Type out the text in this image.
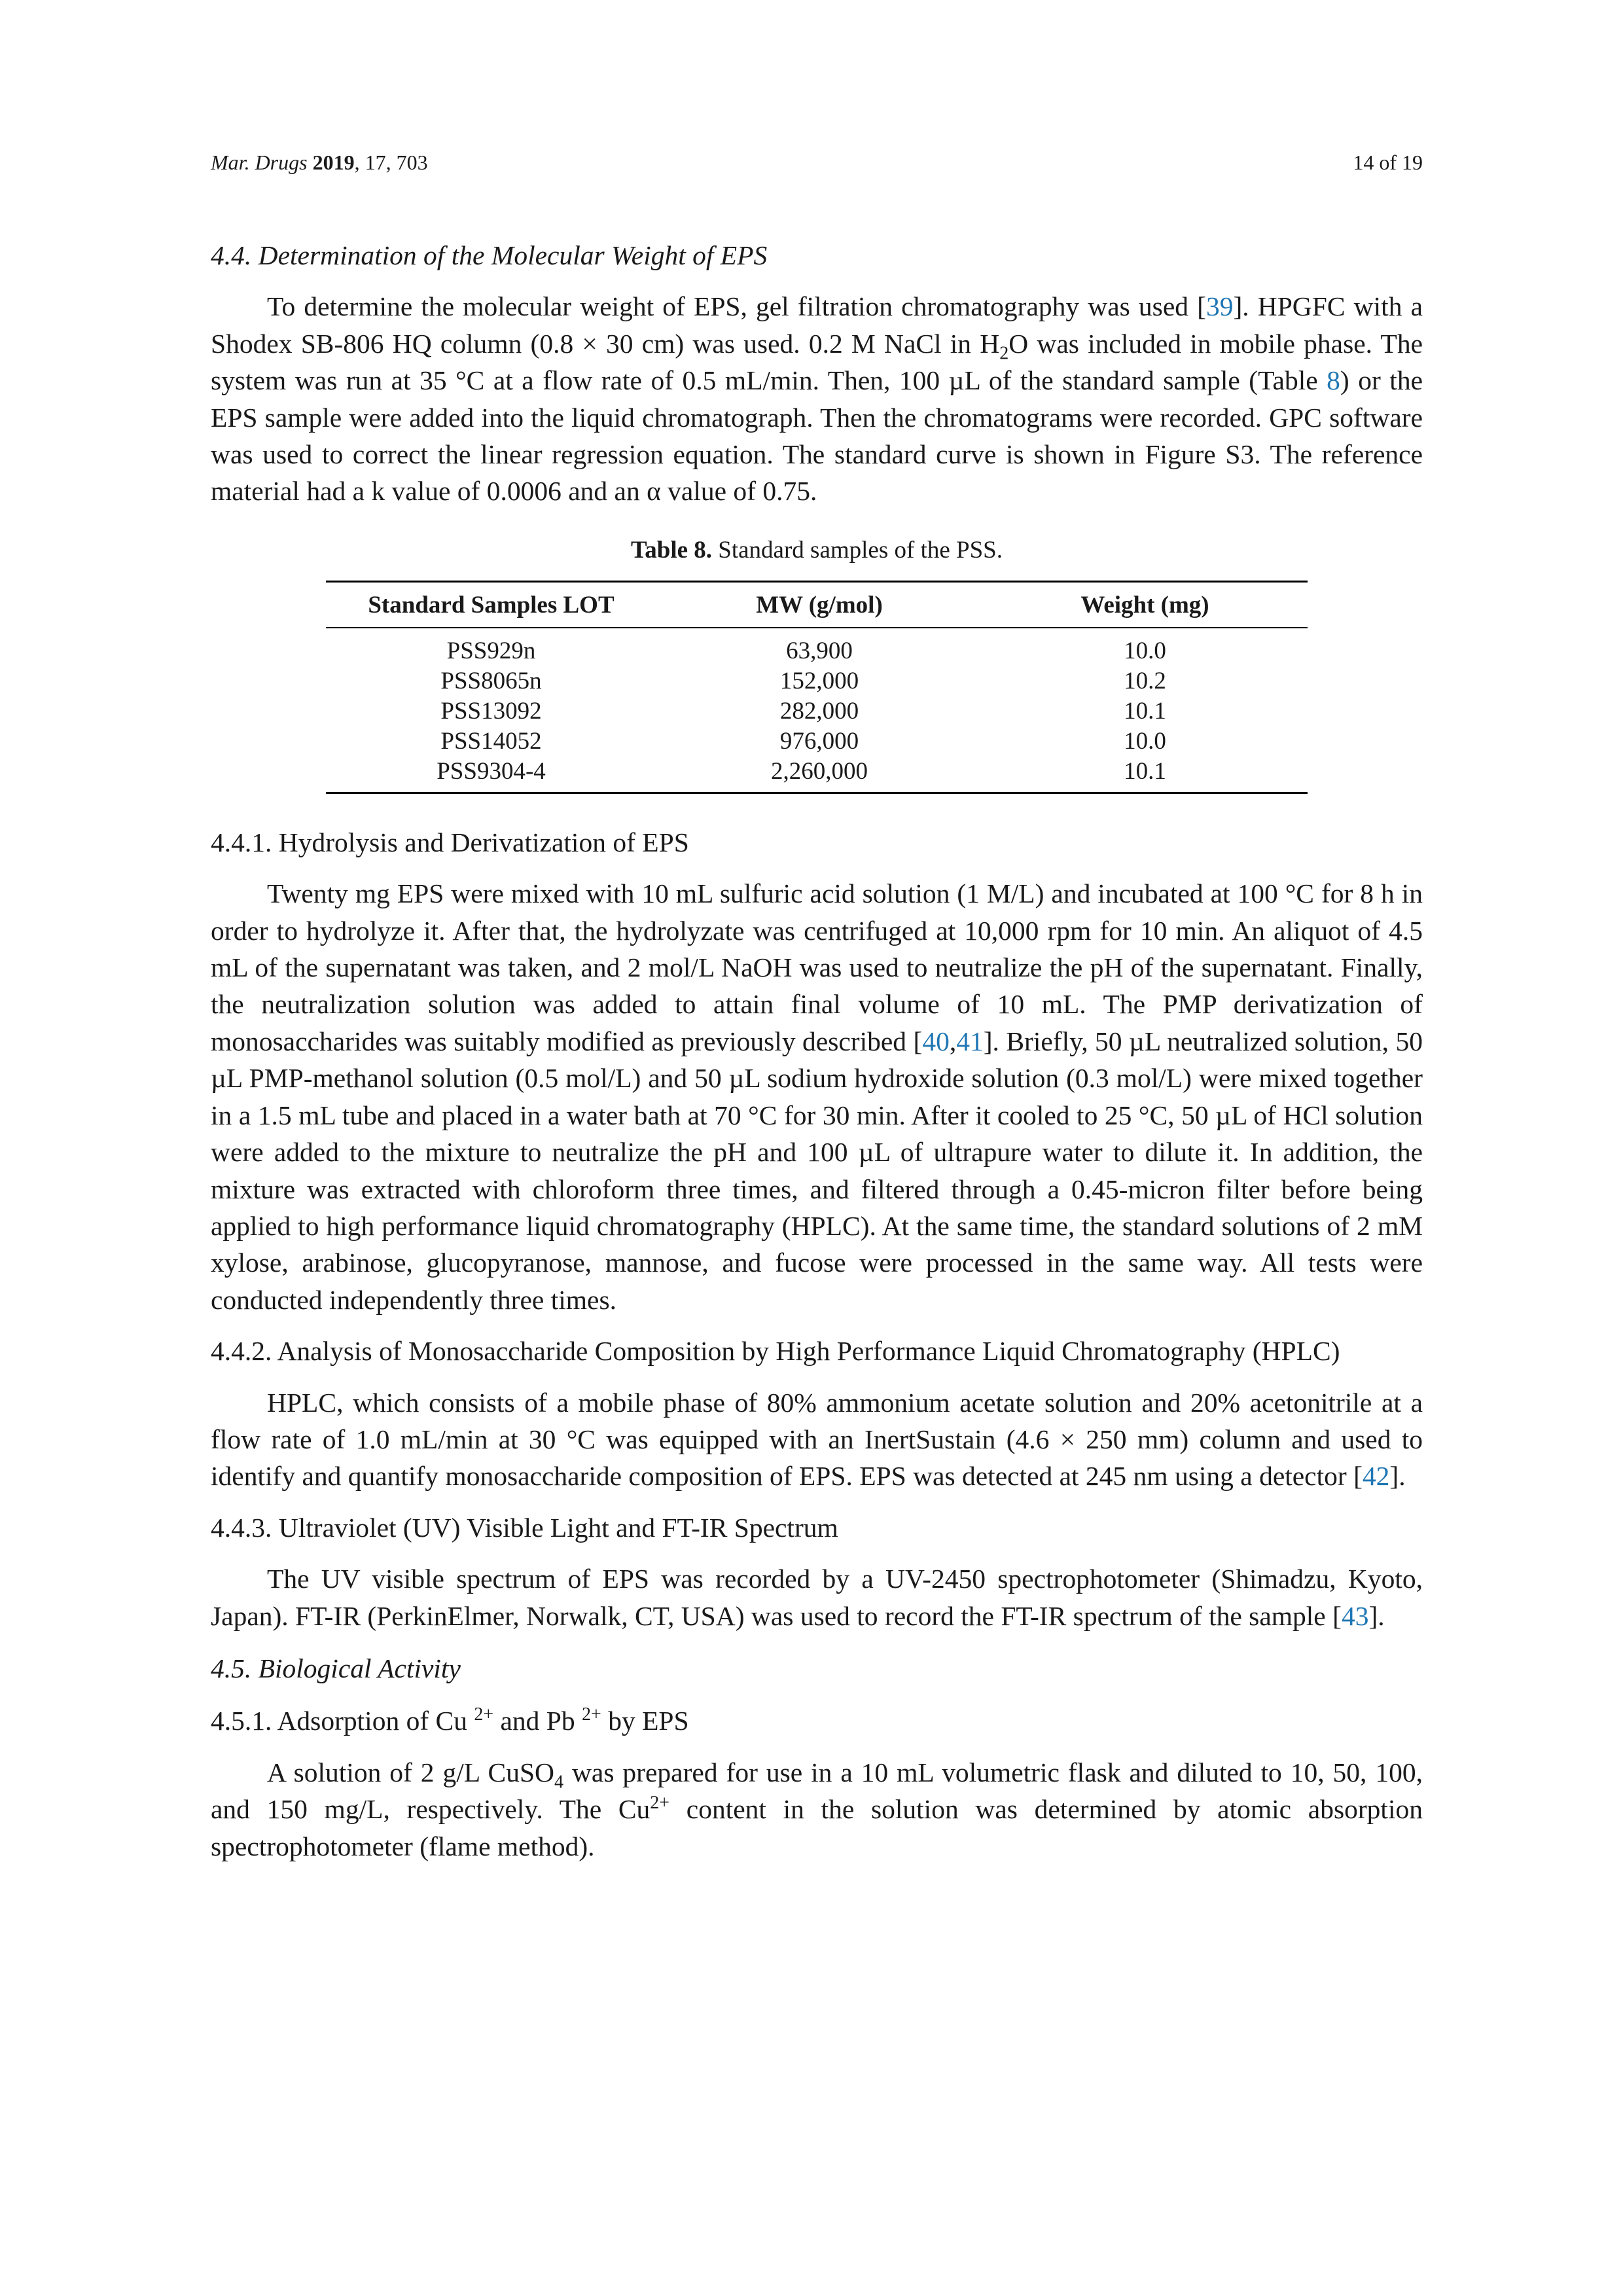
Mar. Drugs 2019, 17, 703	14 of 19
4.4. Determination of the Molecular Weight of EPS

To determine the molecular weight of EPS, gel filtration chromatography was used [39]. HPGFC with a Shodex SB-806 HQ column (0.8 × 30 cm) was used. 0.2 M NaCl in $H_2O$ was included in mobile phase. The system was run at 35 °C at a flow rate of 0.5 mL/min. Then, 100 µL of the standard sample (Table 8) or the EPS sample were added into the liquid chromatograph. Then the chromatograms were recorded. GPC software was used to correct the linear regression equation. The standard curve is shown in Figure S3. The reference material had a k value of 0.0006 and an α value of 0.75.

Table 8. Standard samples of the PSS.
Standard Samples LOT	MW (g/mol)	Weight (mg)
PSS929n	63,900	10.0
PSS8065n	152,000	10.2
PSS13092	282,000	10.1
PSS14052	976,000	10.0
PSS9304-4	2,260,000	10.1
4.4.1. Hydrolysis and Derivatization of EPS

Twenty mg EPS were mixed with 10 mL sulfuric acid solution (1 M/L) and incubated at 100 °C for 8 h in order to hydrolyze it. After that, the hydrolyzate was centrifuged at 10,000 rpm for 10 min. An aliquot of 4.5 mL of the supernatant was taken, and 2 mol/L NaOH was used to neutralize the pH of the supernatant. Finally, the neutralization solution was added to attain final volume of 10 mL. The PMP derivatization of monosaccharides was suitably modified as previously described [40,41]. Briefly, 50 µL neutralized solution, 50 µL PMP-methanol solution (0.5 mol/L) and 50 µL sodium hydroxide solution (0.3 mol/L) were mixed together in a 1.5 mL tube and placed in a water bath at 70 °C for 30 min. After it cooled to 25 °C, 50 µL of HCl solution were added to the mixture to neutralize the pH and 100 µL of ultrapure water to dilute it. In addition, the mixture was extracted with chloroform three times, and filtered through a 0.45-micron filter before being applied to high performance liquid chromatography (HPLC). At the same time, the standard solutions of 2 mM xylose, arabinose, glucopyranose, mannose, and fucose were processed in the same way. All tests were conducted independently three times.

4.4.2. Analysis of Monosaccharide Composition by High Performance Liquid Chromatography (HPLC)

HPLC, which consists of a mobile phase of 80% ammonium acetate solution and 20% acetonitrile at a flow rate of 1.0 mL/min at 30 °C was equipped with an InertSustain (4.6 × 250 mm) column and used to identify and quantify monosaccharide composition of EPS. EPS was detected at 245 nm using a detector [42].

4.4.3. Ultraviolet (UV) Visible Light and FT-IR Spectrum

The UV visible spectrum of EPS was recorded by a UV-2450 spectrophotometer (Shimadzu, Kyoto, Japan). FT-IR (PerkinElmer, Norwalk, CT, USA) was used to record the FT-IR spectrum of the sample [43].

4.5. Biological Activity
4.5.1. Adsorption of Cu $^{2+}$ and Pb $^{2+}$ by EPS

A solution of 2 g/L CuSO$_4$ was prepared for use in a 10 mL volumetric flask and diluted to 10, 50, 100, and 150 mg/L, respectively. The $Cu^{2+}$ content in the solution was determined by atomic absorption spectrophotometer (flame method).
